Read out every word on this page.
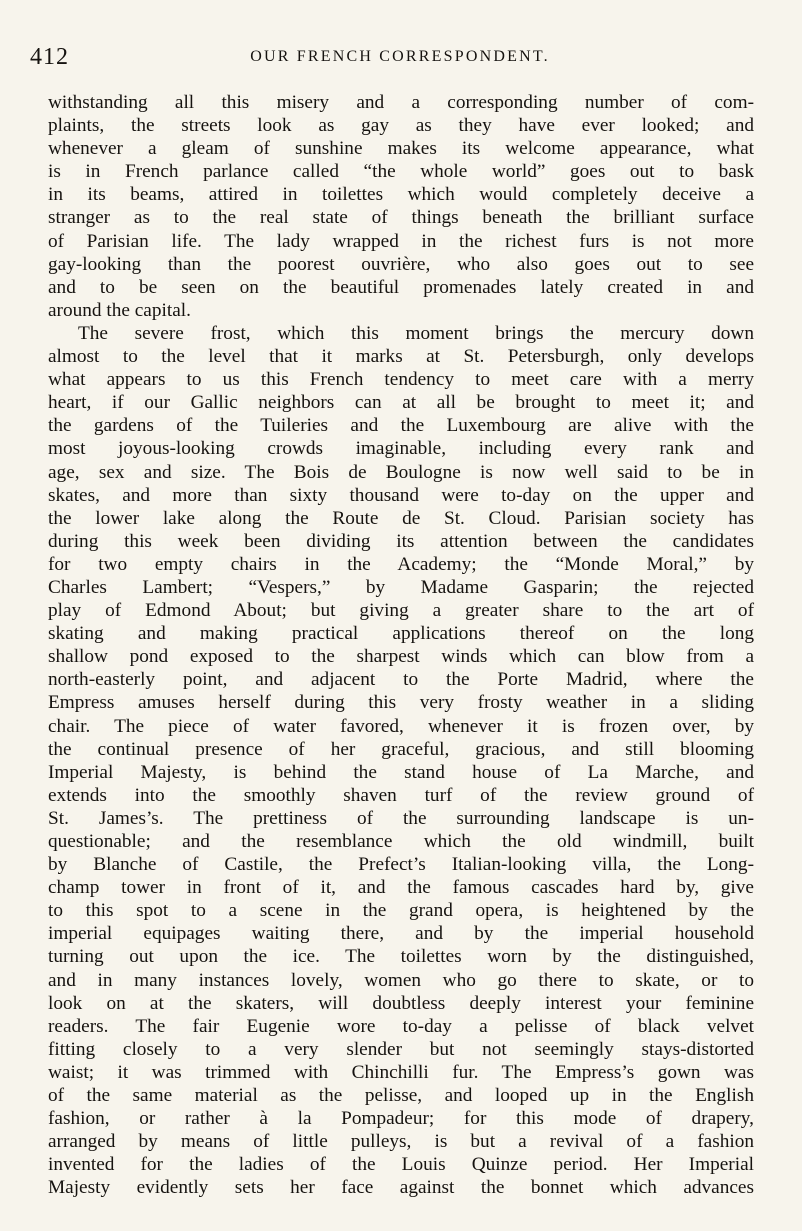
412	OUR FRENCH CORRESPONDENT.
withstanding all this misery and a corresponding number of com-
plaints, the streets look as gay as they have ever looked; and
whenever a gleam of sunshine makes its welcome appearance, what
is in French parlance called “the whole world” goes out to bask
in its beams, attired in toilettes which would completely deceive a
stranger as to the real state of things beneath the brilliant surface
of Parisian life. The lady wrapped in the richest furs is not more
gay-looking than the poorest ouvrière, who also goes out to see
and to be seen on the beautiful promenades lately created in and
around the capital.
The severe frost, which this moment brings the mercury down
almost to the level that it marks at St. Petersburgh, only develops
what appears to us this French tendency to meet care with a merry
heart, if our Gallic neighbors can at all be brought to meet it; and
the gardens of the Tuileries and the Luxembourg are alive with the
most joyous-looking crowds imaginable, including every rank and
age, sex and size. The Bois de Boulogne is now well said to be in
skates, and more than sixty thousand were to-day on the upper and
the lower lake along the Route de St. Cloud. Parisian society has
during this week been dividing its attention between the candidates
for two empty chairs in the Academy; the “Monde Moral,” by
Charles Lambert; “Vespers,” by Madame Gasparin; the rejected
play of Edmond About; but giving a greater share to the art of
skating and making practical applications thereof on the long
shallow pond exposed to the sharpest winds which can blow from a
north-easterly point, and adjacent to the Porte Madrid, where the
Empress amuses herself during this very frosty weather in a sliding
chair. The piece of water favored, whenever it is frozen over, by
the continual presence of her graceful, gracious, and still blooming
Imperial Majesty, is behind the stand house of La Marche, and
extends into the smoothly shaven turf of the review ground of
St. James’s. The prettiness of the surrounding landscape is un-
questionable; and the resemblance which the old windmill, built
by Blanche of Castile, the Prefect’s Italian-looking villa, the Long-
champ tower in front of it, and the famous cascades hard by, give
to this spot to a scene in the grand opera, is heightened by the
imperial equipages waiting there, and by the imperial household
turning out upon the ice. The toilettes worn by the distinguished,
and in many instances lovely, women who go there to skate, or to
look on at the skaters, will doubtless deeply interest your feminine
readers. The fair Eugenie wore to-day a pelisse of black velvet
fitting closely to a very slender but not seemingly stays-distorted
waist; it was trimmed with Chinchilli fur. The Empress’s gown was
of the same material as the pelisse, and looped up in the English
fashion, or rather à la Pompadeur; for this mode of drapery,
arranged by means of little pulleys, is but a revival of a fashion
invented for the ladies of the Louis Quinze period. Her Imperial
Majesty evidently sets her face against the bonnet which advances
